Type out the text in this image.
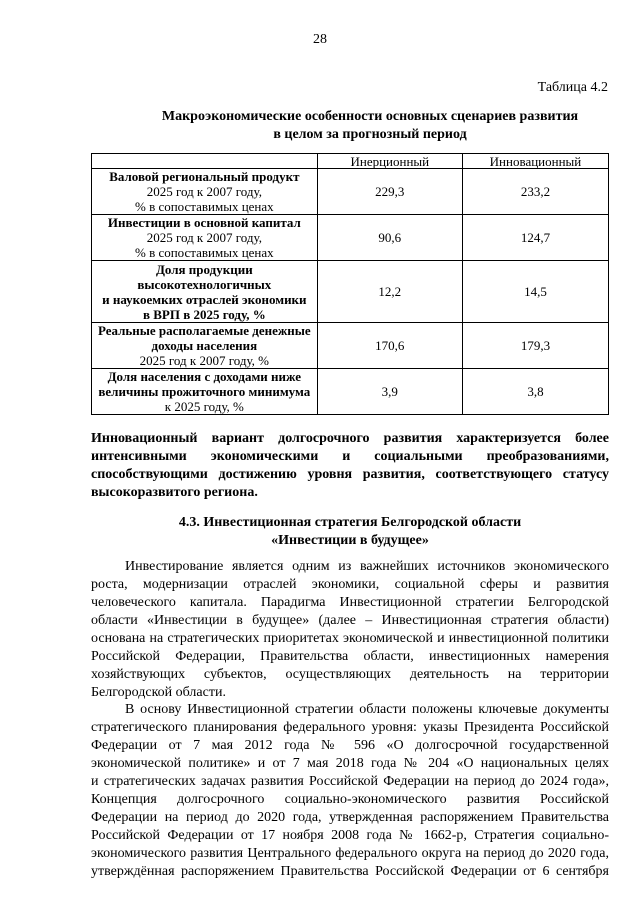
28
Таблица 4.2
Макроэкономические особенности основных сценариев развития
в целом за прогнозный период
	Инерционный	Инновационный

Валовой региональный продукт
2025 год к 2007 году,
% в сопоставимых ценах	229,3	233,2

Инвестиции в основной капитал
2025 год к 2007 году,
% в сопоставимых ценах	90,6	124,7

Доля продукции
высокотехнологичных
и наукоемких отраслей экономики
в ВРП в 2025 году, %	12,2	14,5

Реальные располагаемые денежные
доходы населения
2025 год к 2007 году, %	170,6	179,3

Доля населения с доходами ниже
величины прожиточного минимума
к 2025 году, %	3,9	3,8
Инновационный вариант долгосрочного развития характеризуется более
интенсивными экономическими и социальными преобразованиями,
способствующими достижению уровня развития, соответствующего статусу
высокоразвитого региона.
4.3. Инвестиционная стратегия Белгородской области
«Инвестиции в будущее»
Инвестирование является одним из важнейших источников экономического
роста, модернизации отраслей экономики, социальной сферы и развития
человеческого капитала. Парадигма Инвестиционной стратегии Белгородской
области «Инвестиции в будущее» (далее – Инвестиционная стратегия области)
основана на стратегических приоритетах экономической и инвестиционной политики
Российской Федерации, Правительства области, инвестиционных намерения
хозяйствующих субъектов, осуществляющих деятельность на территории
Белгородской области.
В основу Инвестиционной стратегии области положены ключевые документы
стратегического планирования федерального уровня: указы Президента Российской
Федерации от 7 мая 2012 года № 596 «О долгосрочной государственной
экономической политике» и от 7 мая 2018 года № 204 «О национальных целях
и стратегических задачах развития Российской Федерации на период до 2024 года»,
Концепция долгосрочного социально-экономического развития Российской
Федерации на период до 2020 года, утвержденная распоряжением Правительства
Российской Федерации от 17 ноября 2008 года № 1662-р, Стратегия социально-
экономического развития Центрального федерального округа на период до 2020 года,
утверждённая распоряжением Правительства Российской Федерации от 6 сентября
